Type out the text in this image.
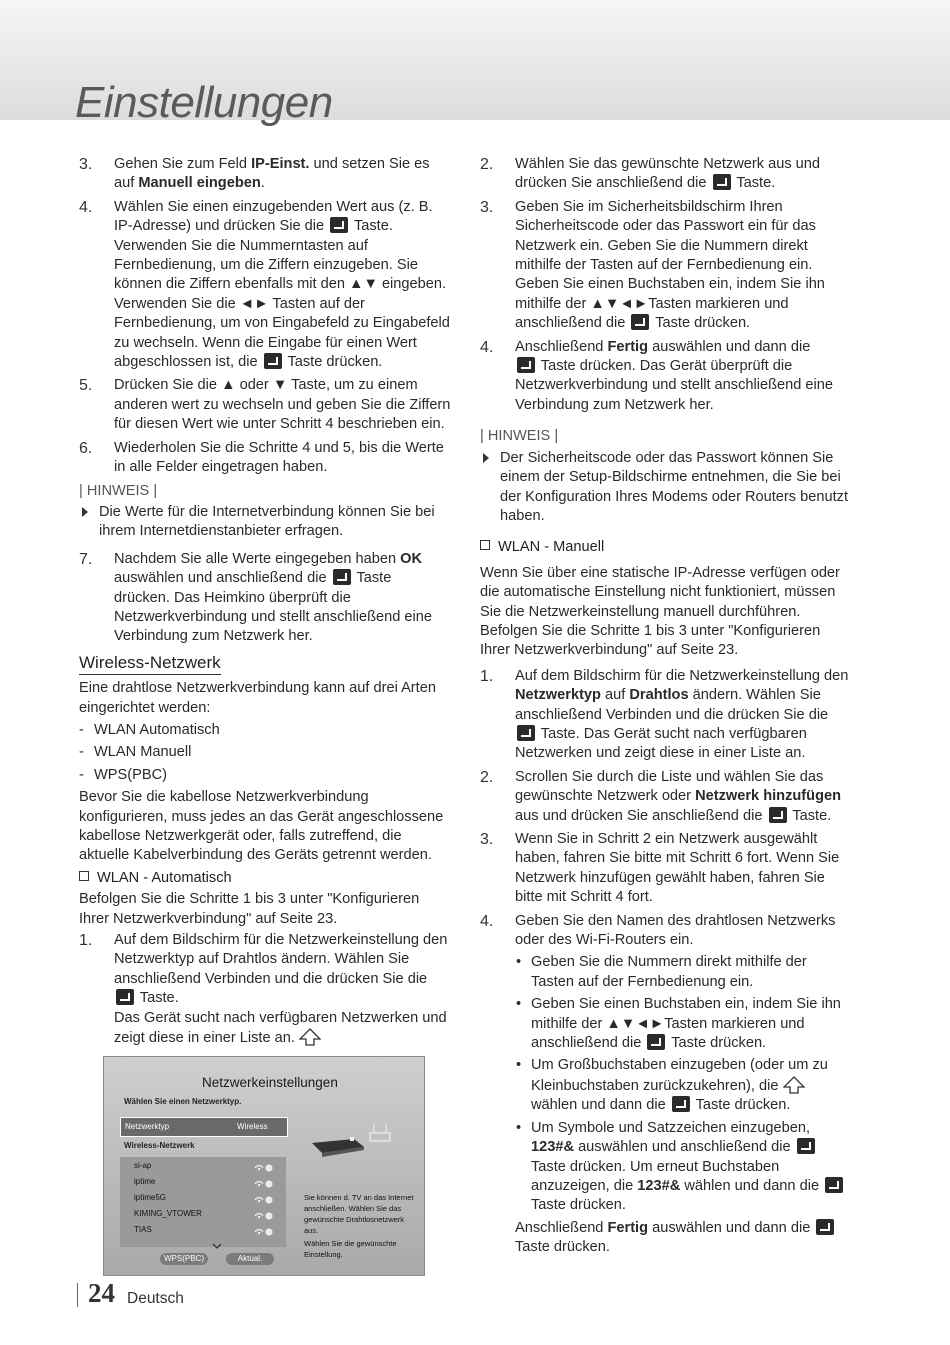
Einstellungen
3. Gehen Sie zum Feld IP-Einst. und setzen Sie es auf Manuell eingeben.
4. Wählen Sie einen einzugebenden Wert aus (z. B. IP-Adresse) und drücken Sie die Taste. Verwenden Sie die Nummerntasten auf Fernbedienung, um die Ziffern einzugeben. Sie können die Ziffern ebenfalls mit den ▲▼ eingeben. Verwenden Sie die ◄► Tasten auf der Fernbedienung, um von Eingabefeld zu Eingabefeld zu wechseln. Wenn die Eingabe für einen Wert abgeschlossen ist, die Taste drücken.
5. Drücken Sie die ▲ oder ▼ Taste, um zu einem anderen wert zu wechseln und geben Sie die Ziffern für diesen Wert wie unter Schritt 4 beschrieben ein.
6. Wiederholen Sie die Schritte 4 und 5, bis die Werte in alle Felder eingetragen haben.
| HINWEIS |
Die Werte für die Internetverbindung können Sie bei ihrem Internetdienstanbieter erfragen.
7. Nachdem Sie alle Werte eingegeben haben OK auswählen und anschließend die Taste drücken. Das Heimkino überprüft die Netzwerkverbindung und stellt anschließend eine Verbindung zum Netzwerk her.
Wireless-Netzwerk
Eine drahtlose Netzwerkverbindung kann auf drei Arten eingerichtet werden:
- WLAN Automatisch
- WLAN Manuell
- WPS(PBC)
Bevor Sie die kabellose Netzwerkverbindung konfigurieren, muss jedes an das Gerät angeschlossene kabellose Netzwerkgerät oder, falls zutreffend, die aktuelle Kabelverbindung des Geräts getrennt werden.
WLAN - Automatisch
Befolgen Sie die Schritte 1 bis 3 unter "Konfigurieren Ihrer Netzwerkverbindung" auf Seite 23.
1. Auf dem Bildschirm für die Netzwerkeinstellung den Netzwerktyp auf Drahtlos ändern. Wählen Sie anschließend Verbinden und die drücken Sie die
Taste.
Das Gerät sucht nach verfügbaren Netzwerken und zeigt diese in einer Liste an.
Netzwerkeinstellungen
Wählen Sie einen Netzwerktyp.
Netzwerktyp	Wireless
Wireless-Netzwerk
si-ap
iptime
iptime5G
KIMING_VTOWER
TIAS
WPS(PBC)	Aktual.
Sie können d. TV an das Internet anschließen. Wählen Sie das gewünschte Drahtlosnetzwerk aus.
Wählen Sie die gewünschte Einstellung.
2. Wählen Sie das gewünschte Netzwerk aus und drücken Sie anschließend die Taste.
3. Geben Sie im Sicherheitsbildschirm Ihren Sicherheitscode oder das Passwort ein für das Netzwerk ein. Geben Sie die Nummern direkt mithilfe der Tasten auf der Fernbedienung ein. Geben Sie einen Buchstaben ein, indem Sie ihn mithilfe der ▲▼◄►Tasten markieren und anschließend die Taste drücken.
4. Anschließend Fertig auswählen und dann die
Taste drücken. Das Gerät überprüft die Netzwerkverbindung und stellt anschließend eine Verbindung zum Netzwerk her.
| HINWEIS |
Der Sicherheitscode oder das Passwort können Sie einem der Setup-Bildschirme entnehmen, die Sie bei der Konfiguration Ihres Modems oder Routers benutzt haben.
WLAN - Manuell
Wenn Sie über eine statische IP-Adresse verfügen oder die automatische Einstellung nicht funktioniert, müssen Sie die Netzwerkeinstellung manuell durchführen. Befolgen Sie die Schritte 1 bis 3 unter "Konfigurieren Ihrer Netzwerkverbindung" auf Seite 23.
1. Auf dem Bildschirm für die Netzwerkeinstellung den Netzwerktyp auf Drahtlos ändern. Wählen Sie anschließend Verbinden und die drücken Sie die  Taste. Das Gerät sucht nach verfügbaren Netzwerken und zeigt diese in einer Liste an.
2. Scrollen Sie durch die Liste und wählen Sie das gewünschte Netzwerk oder Netzwerk hinzufügen aus und drücken Sie anschließend die Taste.
3. Wenn Sie in Schritt 2 ein Netzwerk ausgewählt haben, fahren Sie bitte mit Schritt 6 fort. Wenn Sie Netzwerk hinzufügen gewählt haben, fahren Sie bitte mit Schritt 4 fort.
4. Geben Sie den Namen des drahtlosen Netzwerks oder des Wi-Fi-Routers ein.
• Geben Sie die Nummern direkt mithilfe der Tasten auf der Fernbedienung ein.
• Geben Sie einen Buchstaben ein, indem Sie ihn mithilfe der ▲▼◄►Tasten markieren und anschließend die Taste drücken.
• Um Großbuchstaben einzugeben (oder um zu Kleinbuchstaben zurückzukehren), die  wählen und dann die Taste drücken.
• Um Symbole und Satzzeichen einzugeben, 123#& auswählen und anschließend die  Taste drücken. Um erneut Buchstaben anzuzeigen, die 123#& wählen und dann die  Taste drücken.
Anschließend Fertig auswählen und dann die
Taste drücken.
24 Deutsch
